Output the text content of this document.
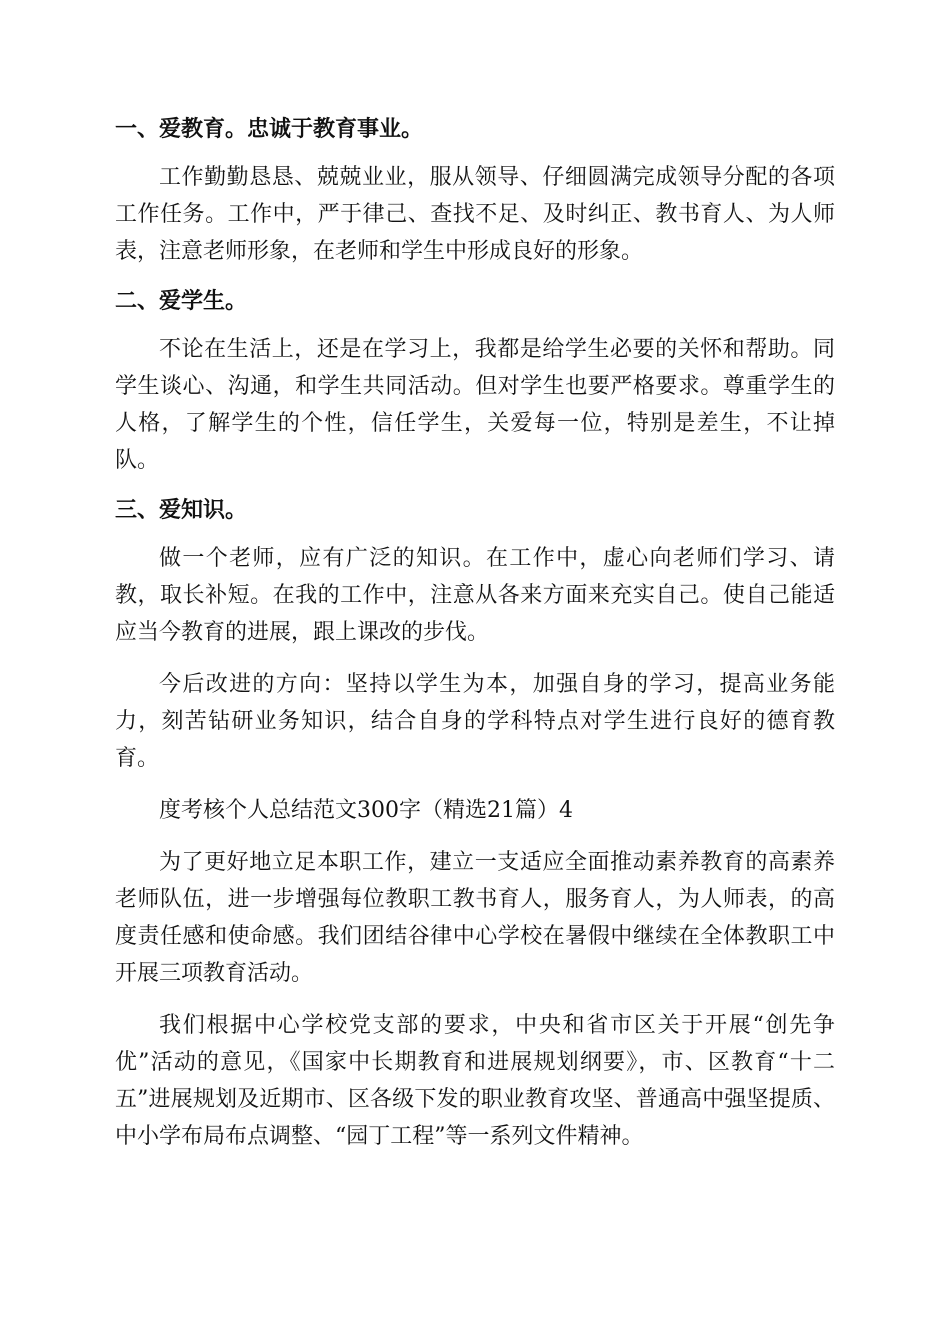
一、爱教育。忠诚于教育事业。

工作勤勤恳恳、兢兢业业，服从领导、仔细圆满完成领导分配的各项工作任务。工作中，严于律己、查找不足、及时纠正、教书育人、为人师表，注意老师形象，在老师和学生中形成良好的形象。

二、爱学生。

不论在生活上，还是在学习上，我都是给学生必要的关怀和帮助。同学生谈心、沟通，和学生共同活动。但对学生也要严格要求。尊重学生的人格，了解学生的个性，信任学生，关爱每一位，特别是差生，不让掉队。

三、爱知识。

做一个老师，应有广泛的知识。在工作中，虚心向老师们学习、请教，取长补短。在我的工作中，注意从各来方面来充实自己。使自己能适应当今教育的进展，跟上课改的步伐。

今后改进的方向：坚持以学生为本，加强自身的学习，提高业务能力，刻苦钻研业务知识，结合自身的学科特点对学生进行良好的德育教育。

度考核个人总结范文300字（精选21篇）4

为了更好地立足本职工作，建立一支适应全面推动素养教育的高素养老师队伍，进一步增强每位教职工教书育人，服务育人，为人师表，的高度责任感和使命感。我们团结谷律中心学校在暑假中继续在全体教职工中开展三项教育活动。

我们根据中心学校党支部的要求，中央和省市区关于开展“创先争优”活动的意见，《国家中长期教育和进展规划纲要》，市、区教育“十二五”进展规划及近期市、区各级下发的职业教育攻坚、普通高中强坚提质、中小学布局布点调整、“园丁工程”等一系列文件精神。
